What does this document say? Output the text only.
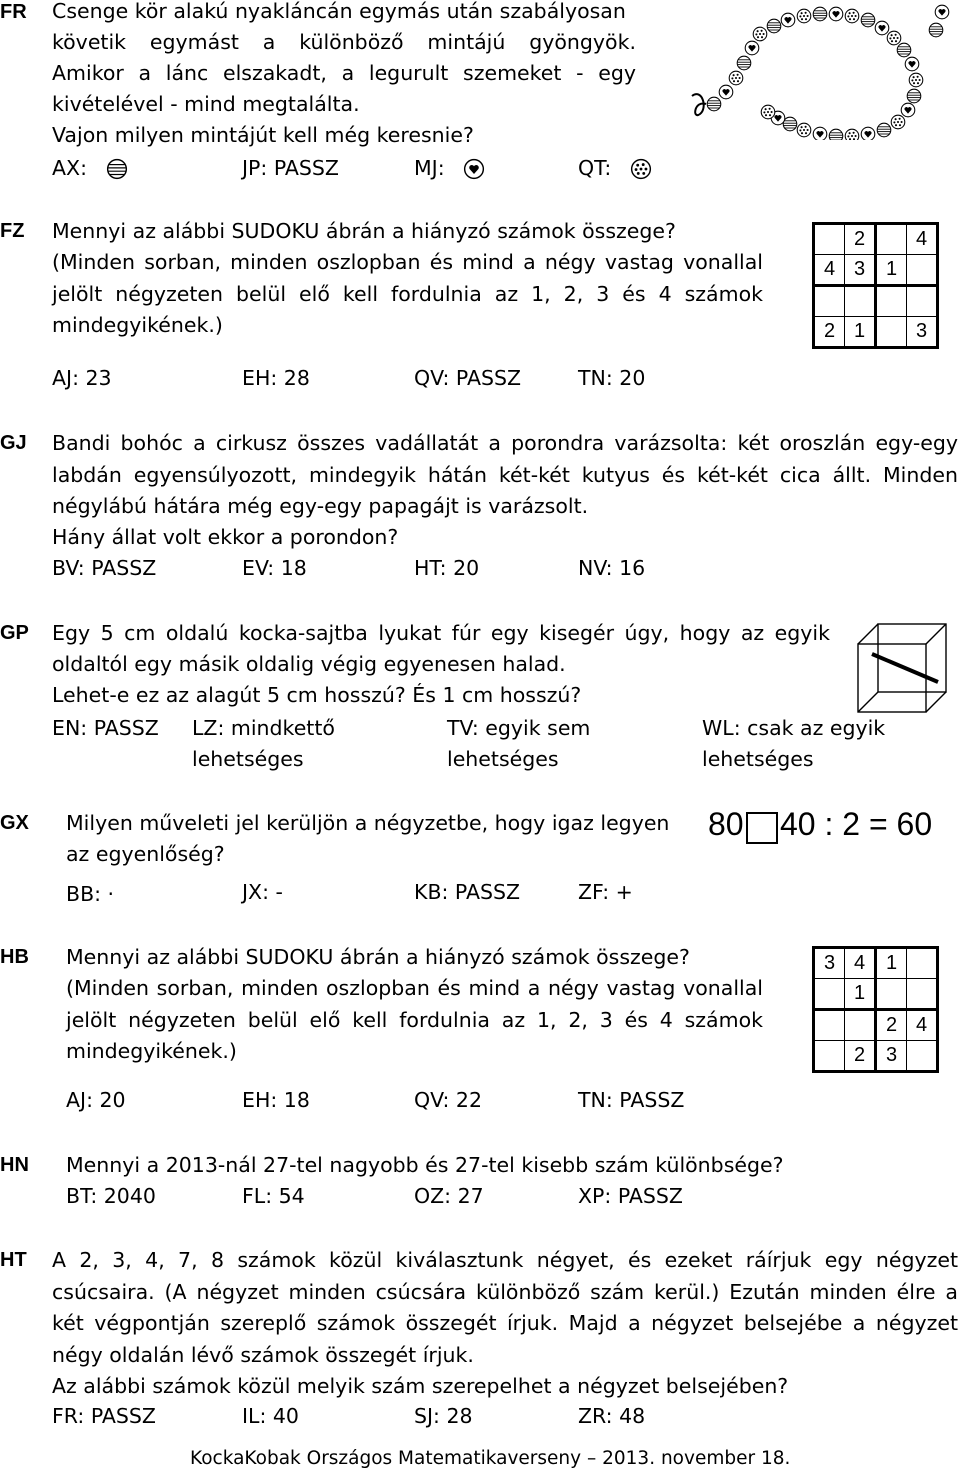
FR Csenge kör alakú nyakláncán egymás után szabályosan
követik egymást a különböző mintájú gyöngyök.
Amikor a lánc elszakadt, a legurult szemeket - egy
kivételével - mind megtalálta.
Vajon milyen mintájút kell még keresnie?
AX:	JP: PASSZ	MJ:	QT:
FZ Mennyi az alábbi SUDOKU ábrán a hiányzó számok összege?
(Minden sorban, minden oszlopban és mind a négy vastag vonallal jelölt négyzeten belül elő kell fordulnia az 1, 2, 3 és 4 számok mindegyikének.)
AJ: 23	EH: 28	QV: PASSZ	TN: 20
	2		4
4	3	1	

2	1		3
GJ Bandi bohóc a cirkusz összes vadállatát a porondra varázsolta: két oroszlán egy-egy labdán egyensúlyozott, mindegyik hátán két-két kutyus és két-két cica állt. Minden négylábú hátára még egy-egy papagájt is varázsolt.
Hány állat volt ekkor a porondon?
BV: PASSZ	EV: 18	HT: 20	NV: 16
GP Egy 5 cm oldalú kocka-sajtba lyukat fúr egy kisegér úgy, hogy az egyik
oldaltól egy másik oldalig végig egyenesen halad.
Lehet-e ez az alagút 5 cm hosszú? És 1 cm hosszú?
EN: PASSZ	LZ: mindkettő lehetséges
TV: egyik sem lehetséges
WL: csak az egyik lehetséges
GX Milyen műveleti jel kerüljön a négyzetbe, hogy igaz legyen
az egyenlőség?
BB: ·	JX: -	KB: PASSZ	ZF: +
80 40 : 2 = 60
HB Mennyi az alábbi SUDOKU ábrán a hiányzó számok összege?
(Minden sorban, minden oszlopban és mind a négy vastag vonallal jelölt négyzeten belül elő kell fordulnia az 1, 2, 3 és 4 számok mindegyikének.)
AJ: 20	EH: 18	QV: 22	TN: PASSZ
3	4	1	
	1		
		2	4
	2	3	
HN Mennyi a 2013-nál 27-tel nagyobb és 27-tel kisebb szám különbsége?
BT: 2040	FL: 54	OZ: 27	XP: PASSZ
HT A 2, 3, 4, 7, 8 számok közül kiválasztunk négyet, és ezeket ráírjuk egy négyzet csúcsaira. (A négyzet minden csúcsára különböző szám kerül.) Ezután minden élre a két végpontján szereplő számok összegét írjuk. Majd a négyzet belsejébe a négyzet négy oldalán lévő számok összegét írjuk.
Az alábbi számok közül melyik szám szerepelhet a négyzet belsejében?
FR: PASSZ	IL: 40	SJ: 28	ZR: 48
KockaKobak Országos Matematikaverseny – 2013. november 18.
